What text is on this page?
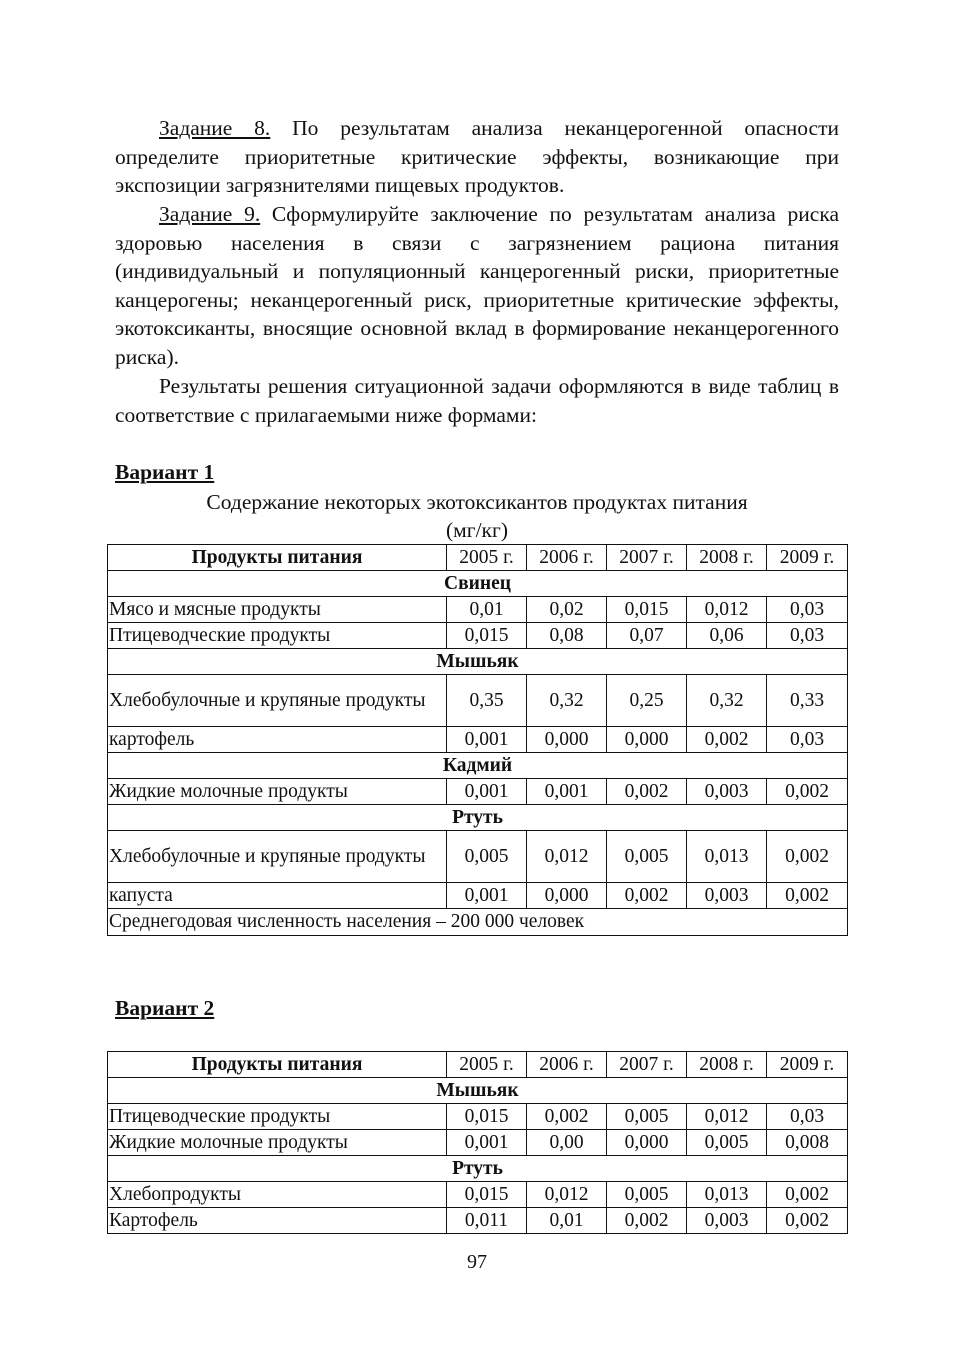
Задание 8. По результатам анализа неканцерогенной опасности определите приоритетные критические эффекты, возникающие при экспозиции загрязнителями пищевых продуктов.

Задание 9. Сформулируйте заключение по результатам анализа риска здоровью населения в связи с загрязнением рациона питания (индивидуальный и популяционный канцерогенный риски, приоритетные канцерогены; неканцерогенный риск, приоритетные критические эффекты, экотоксиканты, вносящие основной вклад в формирование неканцерогенного риска).

Результаты решения ситуационной задачи оформляются в виде таблиц в соответствие с прилагаемыми ниже формами:

Вариант 1

Содержание некоторых экотоксикантов продуктах питания (мг/кг)

Продукты питания	2005 г.	2006 г.	2007 г.	2008 г.	2009 г.
Свинец					
Мясо и мясные продукты	0,01	0,02	0,015	0,012	0,03
Птицеводческие продукты	0,015	0,08	0,07	0,06	0,03
Мышьяк					
Хлебобулочные и крупяные продукты	0,35	0,32	0,25	0,32	0,33
картофель	0,001	0,000	0,000	0,002	0,03
Кадмий					
Жидкие молочные продукты	0,001	0,001	0,002	0,003	0,002
Ртуть					
Хлебобулочные и крупяные продукты	0,005	0,012	0,005	0,013	0,002
капуста	0,001	0,000	0,002	0,003	0,002
Среднегодовая численность населения – 200 000 человек					

Вариант 2

Продукты питания	2005 г.	2006 г.	2007 г.	2008 г.	2009 г.
Мышьяк					
Птицеводческие продукты	0,015	0,002	0,005	0,012	0,03
Жидкие молочные продукты	0,001	0,00	0,000	0,005	0,008
Ртуть					
Хлебопродукты	0,015	0,012	0,005	0,013	0,002
Картофель	0,011	0,01	0,002	0,003	0,002
97
